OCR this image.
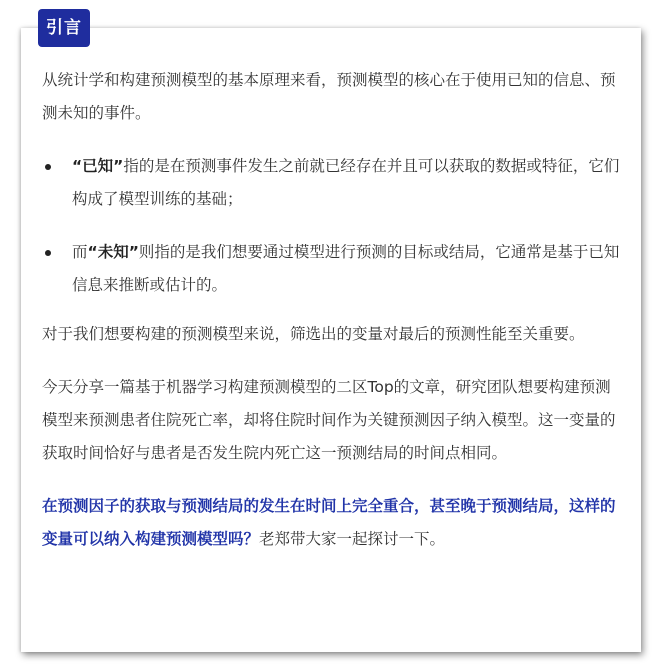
引言

从统计学和构建预测模型的基本原理来看，预测模型的核心在于使用已知的信息、预测未知的事件。

“已知”指的是在预测事件发生之前就已经存在并且可以获取的数据或特征，它们构成了模型训练的基础；
而“未知”则指的是我们想要通过模型进行预测的目标或结局，它通常是基于已知信息来推断或估计的。

对于我们想要构建的预测模型来说，筛选出的变量对最后的预测性能至关重要。

今天分享一篇基于机器学习构建预测模型的二区Top的文章，研究团队想要构建预测模型来预测患者住院死亡率，却将住院时间作为关键预测因子纳入模型。这一变量的获取时间恰好与患者是否发生院内死亡这一预测结局的时间点相同。

在预测因子的获取与预测结局的发生在时间上完全重合，甚至晚于预测结局，这样的变量可以纳入构建预测模型吗？老郑带大家一起探讨一下。
